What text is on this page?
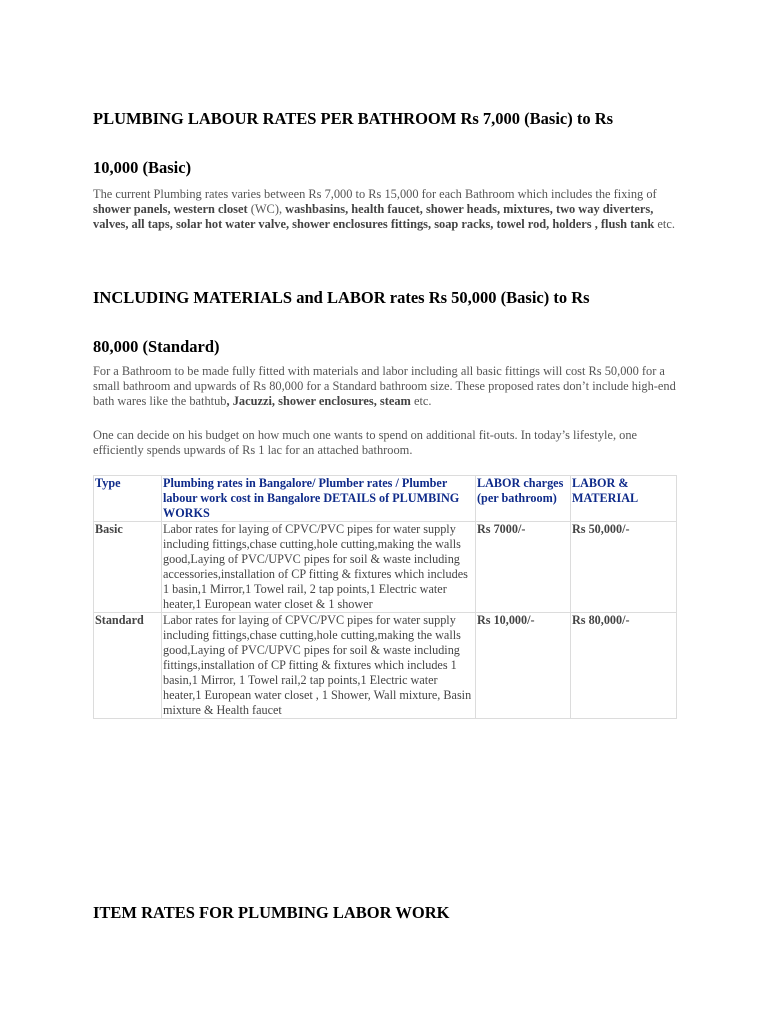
PLUMBING LABOUR RATES PER BATHROOM Rs 7,000 (Basic) to Rs
10,000 (Basic)

The current Plumbing rates varies between Rs 7,000 to Rs 15,000 for each Bathroom which includes the fixing of shower panels, western closet (WC), washbasins, health faucet, shower heads, mixtures, two way diverters, valves, all taps, solar hot water valve, shower enclosures fittings, soap racks, towel rod, holders , flush tank etc.

INCLUDING MATERIALS and LABOR rates Rs 50,000 (Basic) to Rs
80,000 (Standard)

For a Bathroom to be made fully fitted with materials and labor including all basic fittings will cost Rs 50,000 for a small bathroom and upwards of Rs 80,000 for a Standard bathroom size. These proposed rates don’t include high-end bath wares like the bathtub, Jacuzzi, shower enclosures, steam etc.

One can decide on his budget on how much one wants to spend on additional fit-outs. In today’s lifestyle, one efficiently spends upwards of Rs 1 lac for an attached bathroom.

Type	Plumbing rates in Bangalore/ Plumber rates / Plumber labour work cost in Bangalore DETAILS of PLUMBING WORKS	LABOR charges (per bathroom)	LABOR & MATERIAL
Basic	Labor rates for laying of CPVC/PVC pipes for water supply including fittings,chase cutting,hole cutting,making the walls good,Laying of PVC/UPVC pipes for soil & waste including accessories,installation of CP fitting & fixtures which includes 1 basin,1 Mirror,1 Towel rail, 2 tap points,1 Electric water heater,1 European water closet & 1 shower	Rs 7000/-	Rs 50,000/-
Standard	Labor rates for laying of CPVC/PVC pipes for water supply including fittings,chase cutting,hole cutting,making the walls good,Laying of PVC/UPVC pipes for soil & waste including fittings,installation of CP fitting & fixtures which includes 1 basin,1 Mirror, 1 Towel rail,2 tap points,1 Electric water heater,1 European water closet , 1 Shower, Wall mixture, Basin mixture & Health faucet	Rs 10,000/-	Rs 80,000/-
ITEM RATES FOR PLUMBING LABOR WORK
